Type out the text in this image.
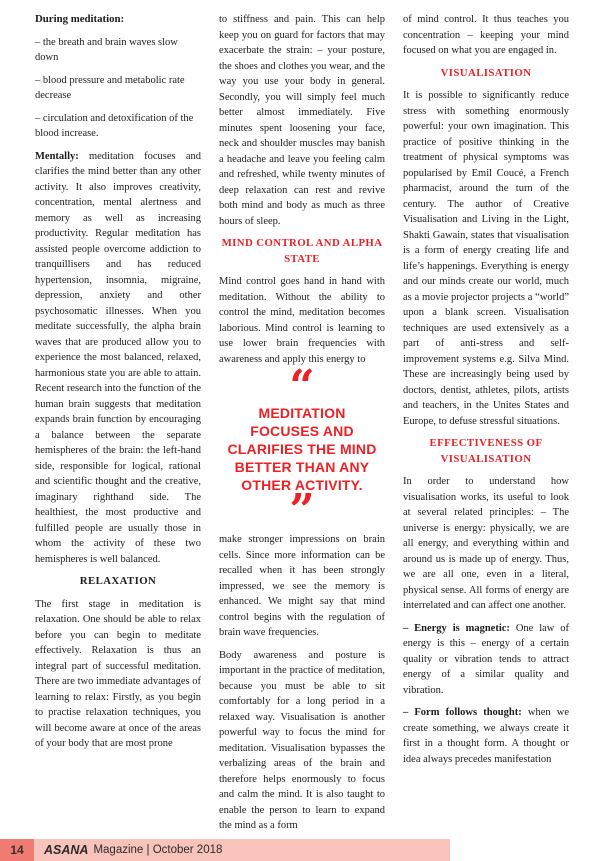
During meditation:

– the breath and brain waves slow down

– blood pressure and metabolic rate decrease

– circulation and detoxification of the blood increase.

Mentally: meditation focuses and clarifies the mind better than any other activity. It also improves creativity, concentration, mental alertness and memory as well as increasing productivity. Regular meditation has assisted people overcome addiction to tranquillisers and has reduced hypertension, insomnia, migraine, depression, anxiety and other psychosomatic illnesses. When you meditate successfully, the alpha brain waves that are produced allow you to experience the most balanced, relaxed, harmonious state you are able to attain. Recent research into the function of the human brain suggests that meditation expands brain function by encouraging a balance between the separate hemispheres of the brain: the left-hand side, responsible for logical, rational and scientific thought and the creative, imaginary righthand side. The healthiest, the most productive and fulfilled people are usually those in whom the activity of these two hemispheres is well balanced.

RELAXATION

The first stage in meditation is relaxation. One should be able to relax before you can begin to meditate effectively. Relaxation is thus an integral part of successful meditation. There are two immediate advantages of learning to relax: Firstly, as you begin to practise relaxation techniques, you will become aware at once of the areas of your body that are most prone

to stiffness and pain. This can help keep you on guard for factors that may exacerbate the strain: – your posture, the shoes and clothes you wear, and the way you use your body in general. Secondly, you will simply feel much better almost immediately. Five minutes spent loosening your face, neck and shoulder muscles may banish a headache and leave you feeling calm and refreshed, while twenty minutes of deep relaxation can rest and revive both mind and body as much as three hours of sleep.

MIND CONTROL AND ALPHA STATE

Mind control goes hand in hand with meditation. Without the ability to control the mind, meditation becomes laborious. Mind control is learning to use lower brain frequencies with awareness and apply this energy to

“
MEDITATION FOCUSES AND CLARIFIES THE MIND BETTER THAN ANY OTHER ACTIVITY.
”

make stronger impressions on brain cells. Since more information can be recalled when it has been strongly impressed, we see the memory is enhanced. We might say that mind control begins with the regulation of brain wave frequencies.

Body awareness and posture is important in the practice of meditation, because you must be able to sit comfortably for a long period in a relaxed way. Visualisation is another powerful way to focus the mind for meditation. Visualisation bypasses the verbalizing areas of the brain and therefore helps enormously to focus and calm the mind. It is also taught to enable the person to learn to expand the mind as a form

of mind control. It thus teaches you concentration – keeping your mind focused on what you are engaged in.

VISUALISATION

It is possible to significantly reduce stress with something enormously powerful: your own imagination. This practice of positive thinking in the treatment of physical symptoms was popularised by Emil Coucé, a French pharmacist, around the turn of the century. The author of Creative Visualisation and Living in the Light, Shakti Gawain, states that visualisation is a form of energy creating life and life’s happenings. Everything is energy and our minds create our world, much as a movie projector projects a “world” upon a blank screen. Visualisation techniques are used extensively as a part of anti-stress and self-improvement systems e.g. Silva Mind. These are increasingly being used by doctors, dentist, athletes, pilots, artists and teachers, in the Unites States and Europe, to defuse stressful situations.

EFFECTIVENESS OF VISUALISATION

In order to understand how visualisation works, its useful to look at several related principles: – The universe is energy: physically, we are all energy, and everything within and around us is made up of energy. Thus, we are all one, even in a literal, physical sense. All forms of energy are interrelated and can affect one another.

– Energy is magnetic: One law of energy is this – energy of a certain quality or vibration tends to attract energy of a similar quality and vibration.

– Form follows thought: when we create something, we always create it first in a thought form. A thought or idea always precedes manifestation

14	ASANA Magazine | October 2018
